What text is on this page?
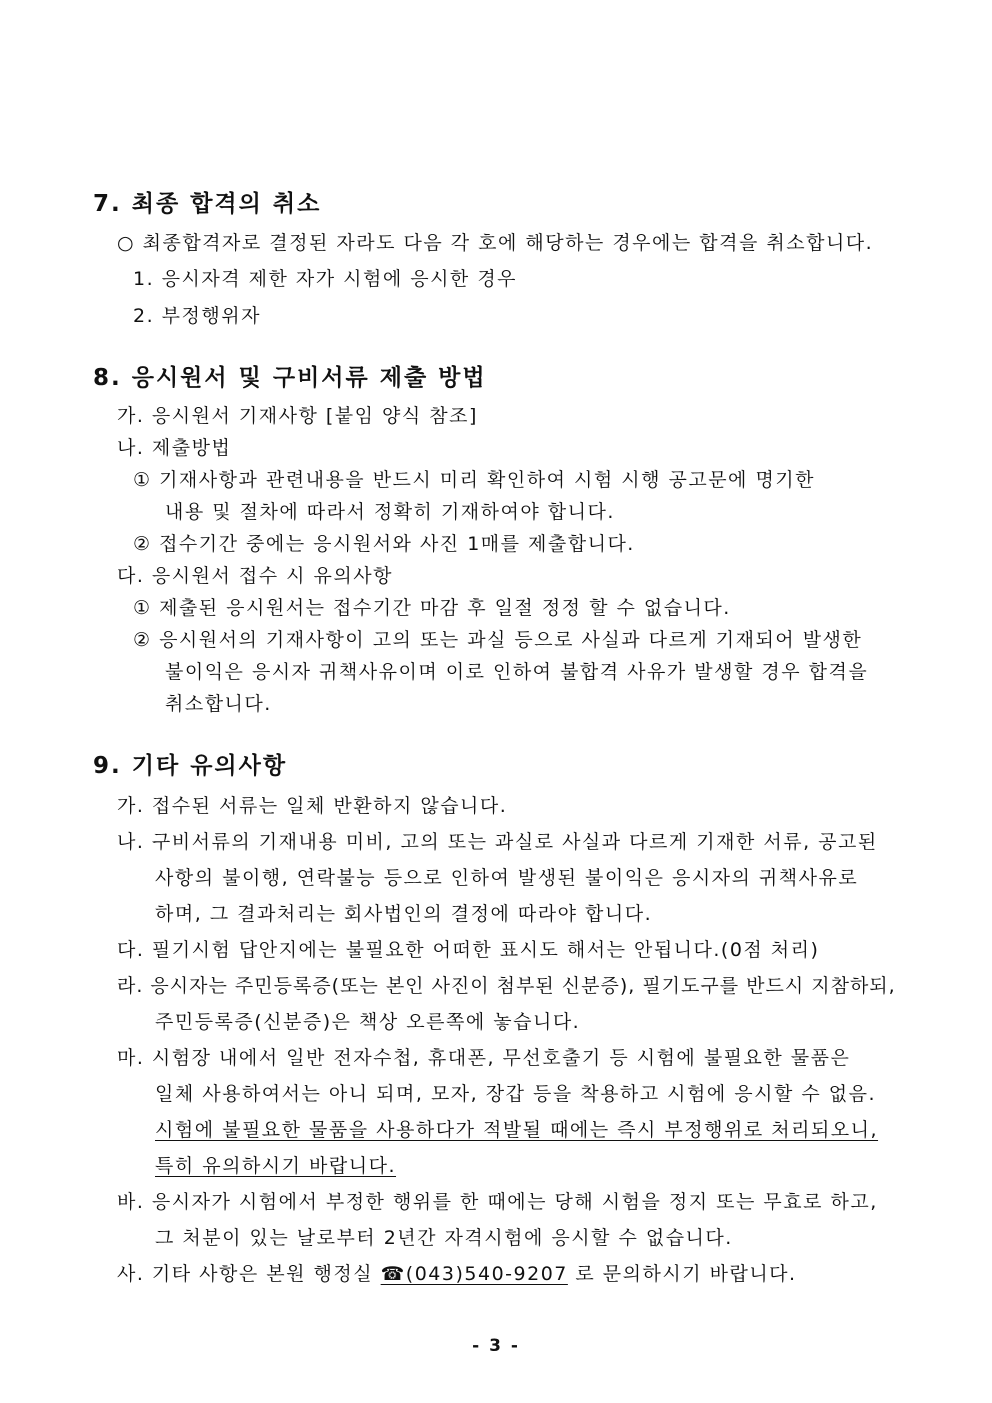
7. 최종 합격의 취소
○ 최종합격자로 결정된 자라도 다음 각 호에 해당하는 경우에는 합격을 취소합니다.
1. 응시자격 제한 자가 시험에 응시한 경우
2. 부정행위자
8. 응시원서 및 구비서류 제출 방법
가. 응시원서 기재사항 [붙임 양식 참조]
나. 제출방법
① 기재사항과 관련내용을 반드시 미리 확인하여 시험 시행 공고문에 명기한
내용 및 절차에 따라서 정확히 기재하여야 합니다.
② 접수기간 중에는 응시원서와 사진 1매를 제출합니다.
다. 응시원서 접수 시 유의사항
① 제출된 응시원서는 접수기간 마감 후 일절 정정 할 수 없습니다.
② 응시원서의 기재사항이 고의 또는 과실 등으로 사실과 다르게 기재되어 발생한
불이익은 응시자 귀책사유이며 이로 인하여 불합격 사유가 발생할 경우 합격을
취소합니다.
9. 기타 유의사항
가. 접수된 서류는 일체 반환하지 않습니다.
나. 구비서류의 기재내용 미비, 고의 또는 과실로 사실과 다르게 기재한 서류, 공고된
사항의 불이행, 연락불능 등으로 인하여 발생된 불이익은 응시자의 귀책사유로
하며, 그 결과처리는 회사법인의 결정에 따라야 합니다.
다. 필기시험 답안지에는 불필요한 어떠한 표시도 해서는 안됩니다.(0점 처리)
라. 응시자는 주민등록증(또는 본인 사진이 첨부된 신분증), 필기도구를 반드시 지참하되,
주민등록증(신분증)은 책상 오른쪽에 놓습니다.
마. 시험장 내에서 일반 전자수첩, 휴대폰, 무선호출기 등 시험에 불필요한 물품은
일체 사용하여서는 아니 되며, 모자, 장갑 등을 착용하고 시험에 응시할 수 없음.
시험에 불필요한 물품을 사용하다가 적발될 때에는 즉시 부정행위로 처리되오니,
특히 유의하시기 바랍니다.
바. 응시자가 시험에서 부정한 행위를 한 때에는 당해 시험을 정지 또는 무효로 하고,
그 처분이 있는 날로부터 2년간 자격시험에 응시할 수 없습니다.
사. 기타 사항은 본원 행정실 ☎(043)540-9207 로 문의하시기 바랍니다.
- 3 -
